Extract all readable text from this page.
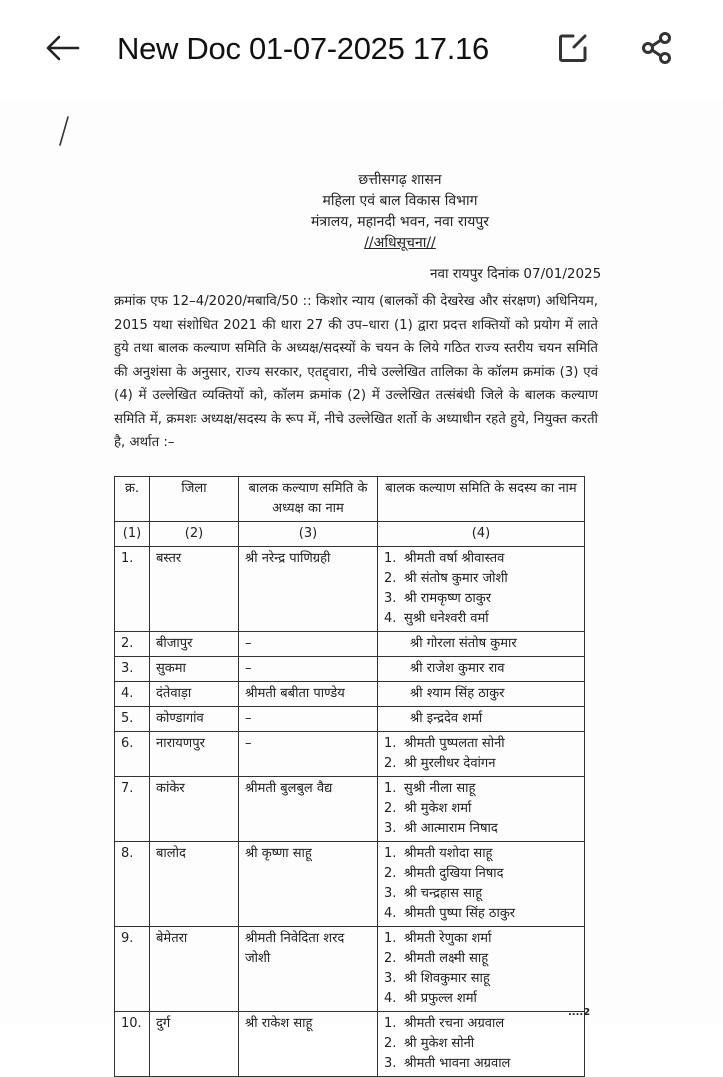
New Doc 01-07-2025 17.16
छत्तीसगढ़ शासन
महिला एवं बाल विकास विभाग
मंत्रालय, महानदी भवन, नवा रायपुर
//अधिसूचना//
नवा रायपुर दिनांक 07/01/2025
क्रमांक एफ 12–4/2020/मबावि/50 :: किशोर न्याय (बालकों की देखरेख और संरक्षण) अधिनियम, 2015 यथा संशोधित 2021 की धारा 27 की उप–धारा (1) द्वारा प्रदत्त शक्तियों को प्रयोग में लाते हुये तथा बालक कल्याण समिति के अध्यक्ष/सदस्यों के चयन के लिये गठित राज्य स्तरीय चयन समिति की अनुशंसा के अनुसार, राज्य सरकार, एतद्द्वारा, नीचे उल्लेखित तालिका के कॉलम क्रमांक (3) एवं (4) में उल्लेखित व्यक्तियों को, कॉलम क्रमांक (2) में उल्लेखित तत्संबंधी जिले के बालक कल्याण समिति में, क्रमशः अध्यक्ष/सदस्य के रूप में, नीचे उल्लेखित शर्तो के अध्याधीन रहते हुये, नियुक्त करती है, अर्थात :–
क्र.	जिला	बालक कल्याण समिति के अध्यक्ष का नाम	बालक कल्याण समिति के सदस्य का नाम
(1)	(2)	(3)	(4)
1.	बस्तर	श्री नरेन्द्र पाणिग्रही	1. श्रीमती वर्षा श्रीवास्तव
2. श्री संतोष कुमार जोशी
3. श्री रामकृष्ण ठाकुर
4. सुश्री धनेश्वरी वर्मा

2.	बीजापुर	–	श्री गोरला संतोष कुमार

3.	सुकमा	–	श्री राजेश कुमार राव

4.	दंतेवाड़ा	श्रीमती बबीता पाण्डेय	श्री श्याम सिंह ठाकुर

5.	कोण्डागांव	–	श्री इन्द्रदेव शर्मा

6.	नारायणपुर	–	1. श्रीमती पुष्पलता सोनी
2. श्री मुरलीधर देवांगन

7.	कांकेर	श्रीमती बुलबुल वैद्य	1. सुश्री नीला साहू
2. श्री मुकेश शर्मा
3. श्री आत्माराम निषाद

8.	बालोद	श्री कृष्णा साहू	1. श्रीमती यशोदा साहू
2. श्रीमती दुखिया निषाद
3. श्री चन्द्रहास साहू
4. श्रीमती पुष्पा सिंह ठाकुर

9.	बेमेतरा	श्रीमती निवेदिता शरद जोशी	1. श्रीमती रेणुका शर्मा
2. श्रीमती लक्ष्मी साहू
3. श्री शिवकुमार साहू
4. श्री प्रफुल्ल शर्मा

10.	दुर्ग	श्री राकेश साहू	1. श्रीमती रचना अग्रवाल
2. श्री मुकेश सोनी
3. श्रीमती भावना अग्रवाल
....2
